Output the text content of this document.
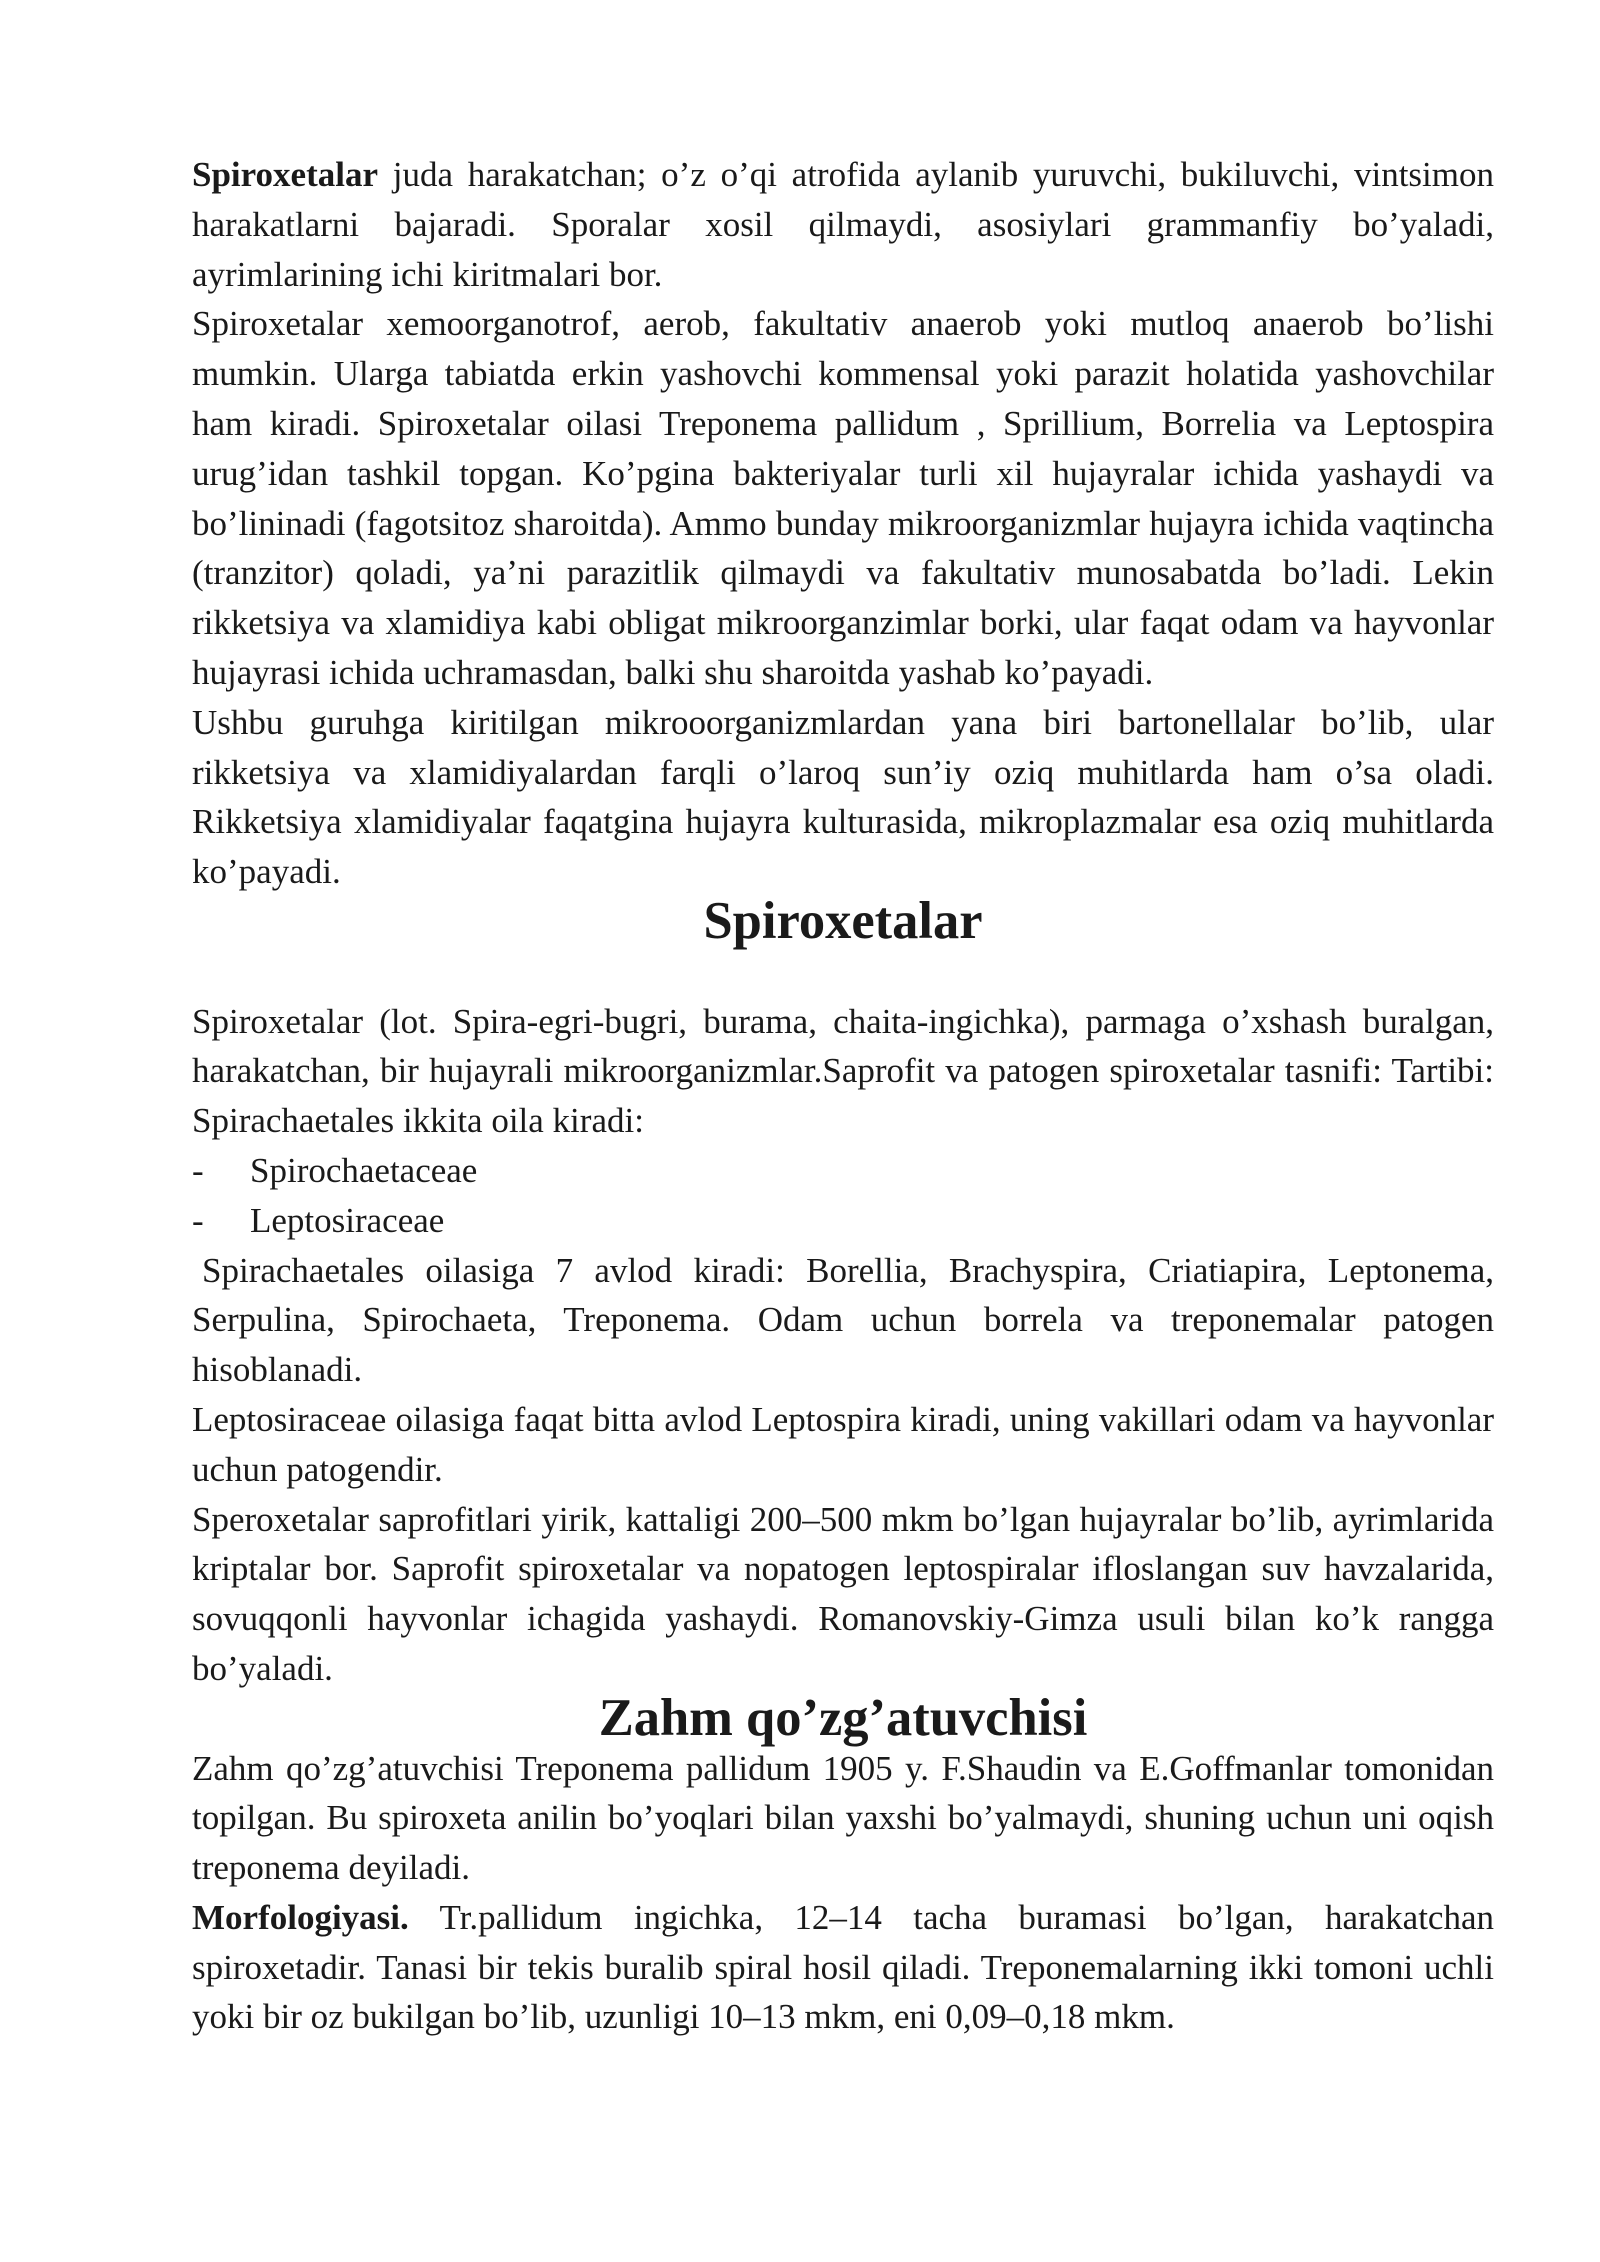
Spiroxetalar juda harakatchan; o’z o’qi atrofida aylanib yuruvchi, bukiluvchi, vintsimon harakatlarni bajaradi. Sporalar xosil qilmaydi, asosiylari grammanfiy bo’yaladi, ayrimlarining ichi kiritmalari bor.

Spiroxetalar xemoorganotrof, aerob, fakultativ anaerob yoki mutloq anaerob bo’lishi mumkin. Ularga tabiatda erkin yashovchi kommensal yoki parazit holatida yashovchilar ham kiradi. Spiroxetalar oilasi Treponema pallidum , Sprillium, Borrelia va Leptospira urug’idan tashkil topgan. Ko’pgina bakteriyalar turli xil hujayralar ichida yashaydi va bo’lininadi (fagotsitoz sharoitda). Ammo bunday mikroorganizmlar hujayra ichida vaqtincha (tranzitor) qoladi, ya’ni parazitlik qilmaydi va fakultativ munosabatda bo’ladi. Lekin rikketsiya va xlamidiya kabi obligat mikroorganzimlar borki, ular faqat odam va hayvonlar hujayrasi ichida uchramasdan, balki shu sharoitda yashab ko’payadi.

Ushbu guruhga kiritilgan mikrooorganizmlardan yana biri bartonellalar bo’lib, ular rikketsiya va xlamidiyalardan farqli o’laroq sun’iy oziq muhitlarda ham o’sa oladi. Rikketsiya xlamidiyalar faqatgina hujayra kulturasida, mikroplazmalar esa oziq muhitlarda ko’payadi.

Spiroxetalar

Spiroxetalar (lot. Spira-egri-bugri, burama, chaita-ingichka), parmaga o’xshash buralgan, harakatchan, bir hujayrali mikroorganizmlar.Saprofit va patogen spiroxetalar tasnifi: Tartibi: Spirachaetales ikkita oila kiradi:

-	Spirochaetaceae
-	Leptosiraceae

Spirachaetales oilasiga 7 avlod kiradi: Borellia, Brachyspira, Criatiapira, Leptonema, Serpulina, Spirochaeta, Treponema. Odam uchun borrela va treponemalar patogen hisoblanadi.

Leptosiraceae oilasiga faqat bitta avlod Leptospira kiradi, uning vakillari odam va hayvonlar uchun patogendir.

Speroxetalar saprofitlari yirik, kattaligi 200–500 mkm bo’lgan hujayralar bo’lib, ayrimlarida kriptalar bor. Saprofit spiroxetalar va nopatogen leptospiralar ifloslangan suv havzalarida, sovuqqonli hayvonlar ichagida yashaydi. Romanovskiy-Gimza usuli bilan ko’k rangga bo’yaladi.

Zahm qo’zg’atuvchisi

Zahm qo’zg’atuvchisi Treponema pallidum 1905 y. F.Shaudin va E.Goffmanlar tomonidan topilgan. Bu spiroxeta anilin bo’yoqlari bilan yaxshi bo’yalmaydi, shuning uchun uni oqish treponema deyiladi.

Morfologiyasi. Tr.pallidum ingichka, 12–14 tacha buramasi bo’lgan, harakatchan spiroxetadir. Tanasi bir tekis buralib spiral hosil qiladi. Treponemalarning ikki tomoni uchli yoki bir oz bukilgan bo’lib, uzunligi 10–13 mkm, eni 0,09–0,18 mkm.
